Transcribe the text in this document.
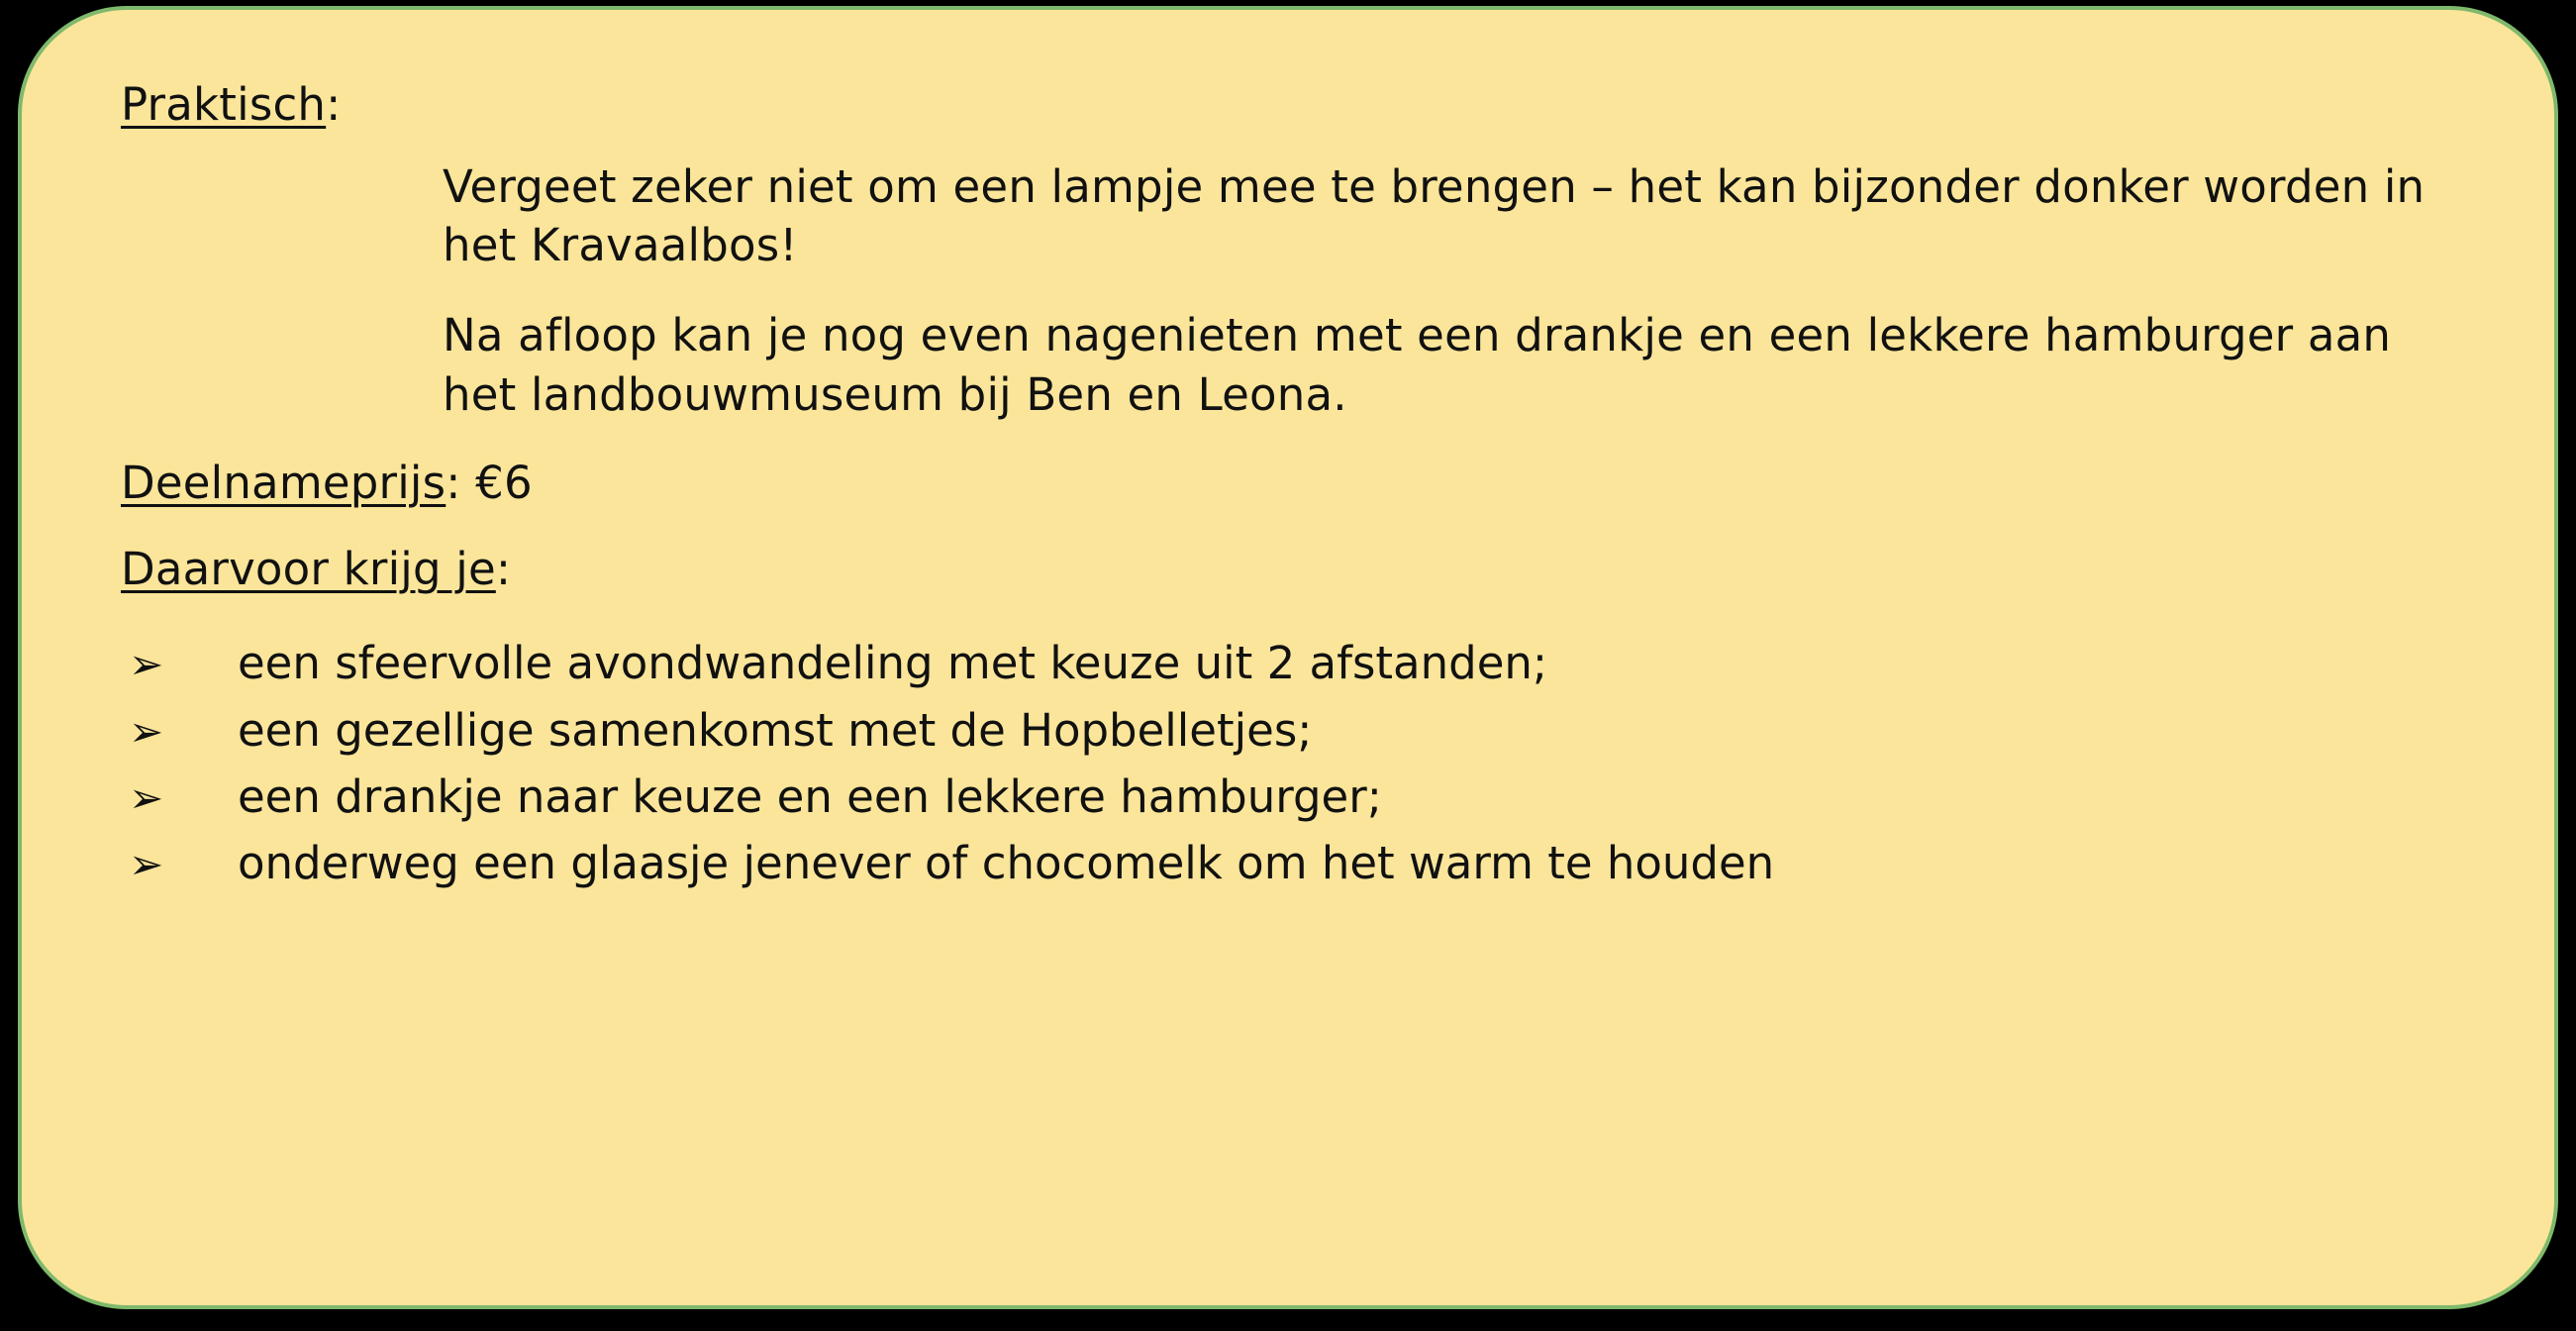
Praktisch:

Vergeet zeker niet om een lampje mee te brengen – het kan bijzonder donker worden in het Kravaalbos!

Na afloop kan je nog even nagenieten met een drankje en een lekkere hamburger aan het landbouwmuseum bij Ben en Leona.

Deelnameprijs: €6

Daarvoor krijg je:

➢	een sfeervolle avondwandeling met keuze uit 2 afstanden;
➢	een gezellige samenkomst met de Hopbelletjes;
➢	een drankje naar keuze en een lekkere hamburger;
➢	onderweg een glaasje jenever of chocomelk om het warm te houden
